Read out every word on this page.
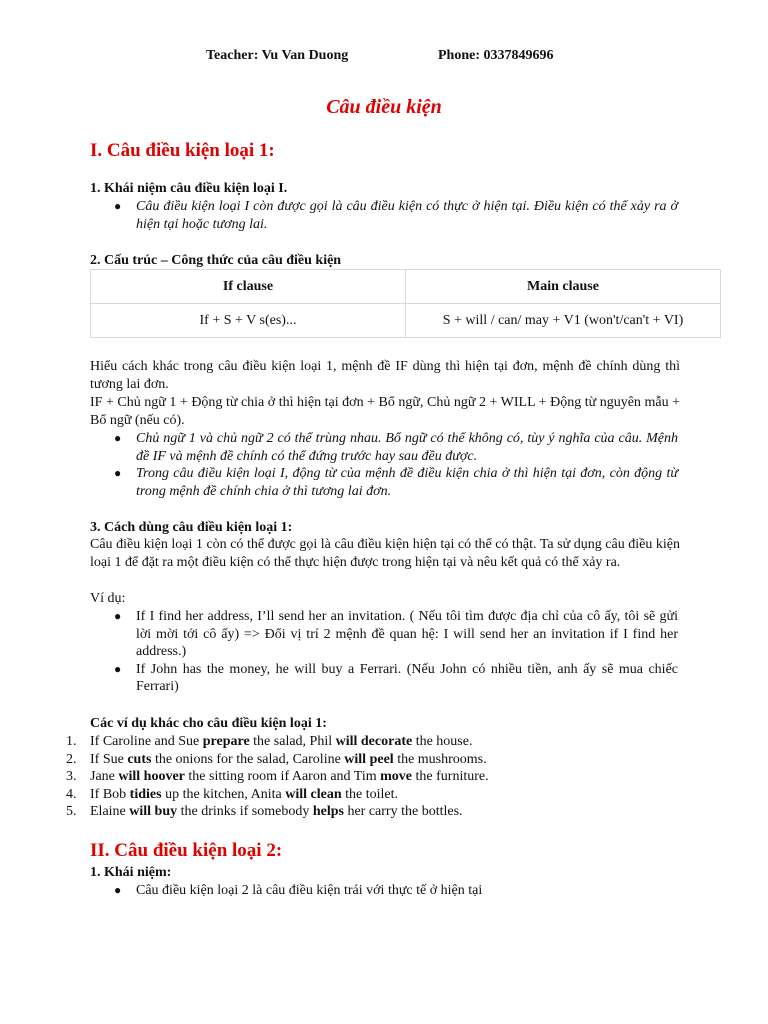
Teacher: Vu Van Duong	Phone: 0337849696
Câu điều kiện
I. Câu điều kiện loại 1:
1. Khái niệm câu điều kiện loại I.
● Câu điều kiện loại I còn được gọi là câu điều kiện có thực ở hiện tại. Điều kiện có thể xảy ra ở hiện tại hoặc tương lai.
2. Cấu trúc – Công thức của câu điều kiện
If clause	Main clause
If + S + V s(es)...	S + will / can/ may + V1 (won't/can't + VI)
Hiểu cách khác trong câu điều kiện loại 1, mệnh đề IF dùng thì hiện tại đơn, mệnh đề chính dùng thì tương lai đơn.
IF + Chủ ngữ 1 + Động từ chia ở thì hiện tại đơn + Bổ ngữ, Chủ ngữ 2 + WILL + Động từ nguyên mẫu + Bổ ngữ (nếu có).
● Chủ ngữ 1 và chủ ngữ 2 có thể trùng nhau. Bổ ngữ có thể không có, tùy ý nghĩa của câu. Mệnh đề IF và mệnh đề chính có thể đứng trước hay sau đều được.
● Trong câu điều kiện loại I, động từ của mệnh đề điều kiện chia ở thì hiện tại đơn, còn động từ trong mệnh đề chính chia ở thì tương lai đơn.
3. Cách dùng câu điều kiện loại 1:
Câu điều kiện loại 1 còn có thể được gọi là câu điều kiện hiện tại có thể có thật. Ta sử dụng câu điều kiện loại 1 để đặt ra một điều kiện có thể thực hiện được trong hiện tại và nêu kết quả có thể xảy ra.
Ví dụ:
● If I find her address, I’ll send her an invitation. ( Nếu tôi tìm được địa chỉ của cô ấy, tôi sẽ gửi lời mời tới cô ấy) => Đổi vị trí 2 mệnh đề quan hệ: I will send her an invitation if I find her address.)
● If John has the money, he will buy a Ferrari. (Nếu John có nhiều tiền, anh ấy sẽ mua chiếc Ferrari)
Các ví dụ khác cho câu điều kiện loại 1:
1. If Caroline and Sue prepare the salad, Phil will decorate the house.
2. If Sue cuts the onions for the salad, Caroline will peel the mushrooms.
3. Jane will hoover the sitting room if Aaron and Tim move the furniture.
4. If Bob tidies up the kitchen, Anita will clean the toilet.
5. Elaine will buy the drinks if somebody helps her carry the bottles.
II. Câu điều kiện loại 2:
1. Khái niệm:
● Câu điều kiện loại 2 là câu điều kiện trái với thực tế ở hiện tại
